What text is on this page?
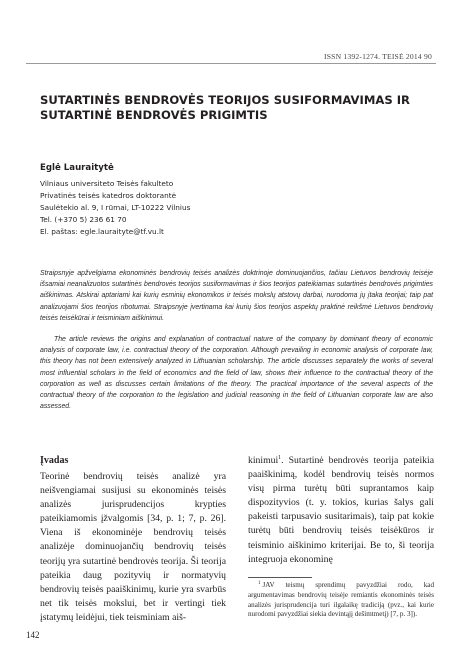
ISSN 1392-1274. TEISĖ 2014 90
SUTARTINĖS BENDROVĖS TEORIJOS SUSIFORMAVIMAS IR SUTARTINĖ BENDROVĖS PRIGIMTIS

Eglė Lauraitytė

Vilniaus universiteto Teisės fakulteto
Privatinės teisės katedros doktorantė
Saulėtekio al. 9, I rūmai, LT-10222 Vilnius
Tel. (+370 5) 236 61 70
El. paštas: egle.lauraityte@tf.vu.lt

Straipsnyje apžvelgiama ekonominės bendrovių teisės analizės doktrinoje dominuojančios, tačiau Lietuvos bendrovių teisėje išsamiai neanalizuotos sutartinės bendrovės teorijos susiformavimas ir šios teorijos pateikiamas sutartinės bendrovės prigimties aiškinimas. Atskirai aptariami kai kurių esminių ekonomikos ir teisės mokslų atstovų darbai, nurodoma jų įtaka teorijai; taip pat analizuojami šios teorijos ribotumai. Straipsnyje įvertinama kai kurių šios teorijos aspektų praktinė reikšmė Lietuvos bendrovių teisės teisėkūrai ir teisminiam aiškinimui.

The article reviews the origins and explanation of contractual nature of the company by dominant theory of economic analysis of corporate law, i.e. contractual theory of the corporation. Although prevailing in economic analysis of corporate law, this theory has not been extensively analyzed in Lithuanian scholarship. The article discusses separately the works of several most influential scholars in the field of economics and the field of law, shows their influence to the contractual theory of the corporation as well as discusses certain limitations of the theory. The practical importance of the several aspects of the contractual theory of the corporation to the legislation and judicial reasoning in the field of Lithuanian corporate law are also assessed.

Įvadas

Teorinė bendrovių teisės analizė yra neišvengiamai susijusi su ekonominės teisės analizės jurisprudencijos krypties pateikiamomis įžvalgomis [34, p. 1; 7, p. 26]. Viena iš ekonominėje bendrovių teisės analizėje dominuojančių bendrovių teisės teorijų yra sutartinė bendrovės teorija. Ši teorija pateikia daug pozityvių ir normatyvių bendrovių teisės paaiškinimų, kurie yra svarbūs net tik teisės mokslui, bet ir vertingi tiek įstatymų leidėjui, tiek teisminiam aiš-

kinimui$^1$. Sutartinė bendrovės teorija pateikia paaiškinimą, kodėl bendrovių teisės normos visų pirma turėtų būti suprantamos kaip dispozityvios (t. y. tokios, kurias šalys gali pakeisti tarpusavio susitarimais), taip pat kokie turėtų būti bendrovių teisės teisėkūros ir teisminio aiškinimo kriterijai. Be to, ši teorija integruoja ekonominę

$^1$ JAV teismų sprendimų pavyzdžiai rodo, kad argumentavimas bendrovių teisėje remiantis ekonominės teisės analizės jurisprudencija turi ilgalaikę tradiciją (pvz., kai kurie nurodomi pavyzdžiai siekia devintąjį dešimtmetį) [7, p. 3]).

142
